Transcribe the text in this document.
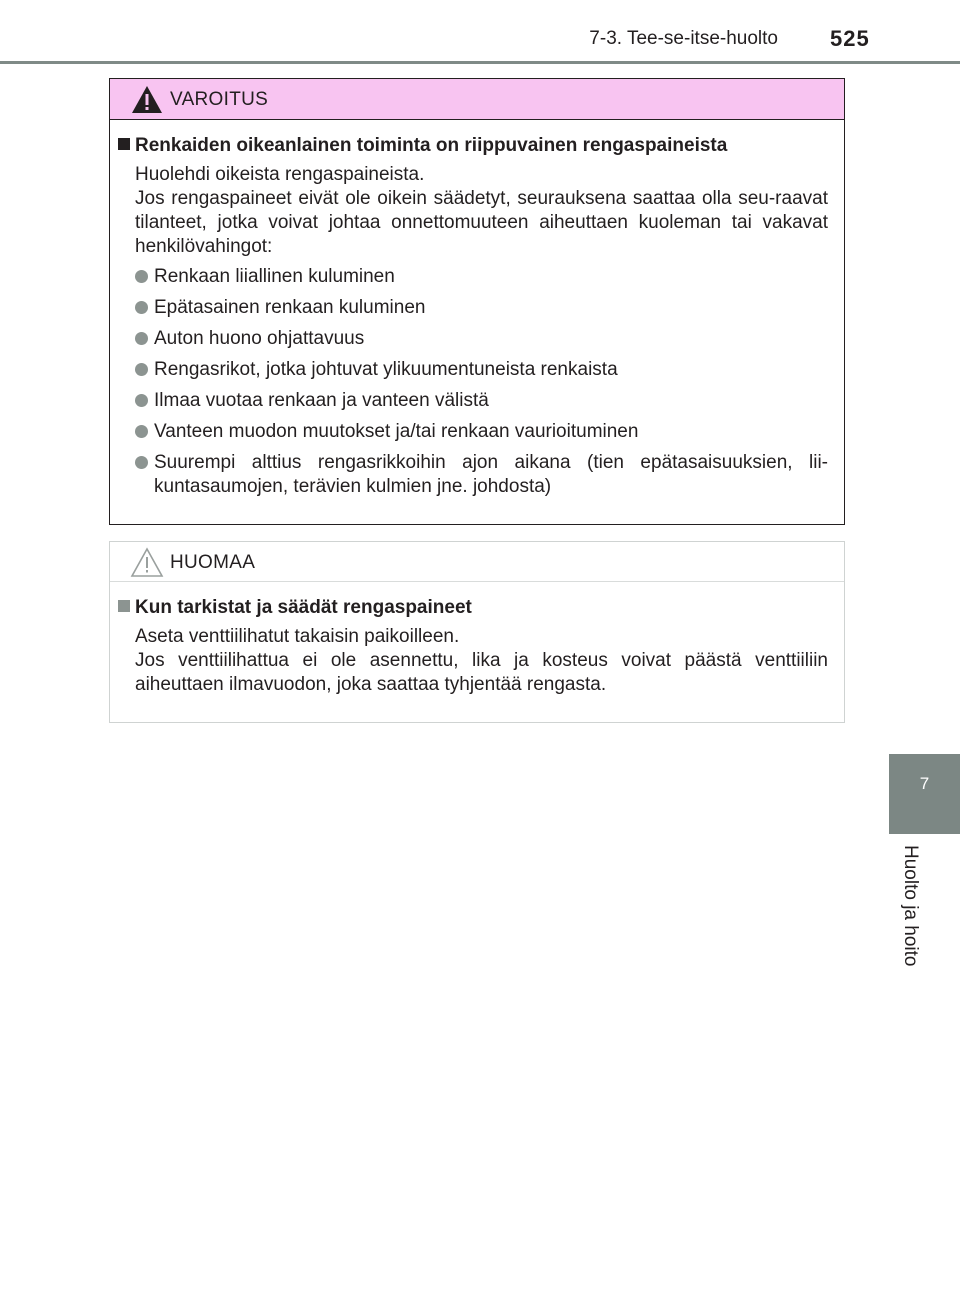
7-3. Tee-se-itse-huolto 525
7
Huolto ja hoito
VAROITUS
Renkaiden oikeanlainen toiminta on riippuvainen rengaspaineista
Huolehdi oikeista rengaspaineista.
Jos rengaspaineet eivät ole oikein säädetyt, seurauksena saattaa olla seu-raavat tilanteet, jotka voivat johtaa onnettomuuteen aiheuttaen kuoleman tai vakavat henkilövahingot:
Renkaan liiallinen kuluminen
Epätasainen renkaan kuluminen
Auton huono ohjattavuus
Rengasrikot, jotka johtuvat ylikuumentuneista renkaista
Ilmaa vuotaa renkaan ja vanteen välistä
Vanteen muodon muutokset ja/tai renkaan vaurioituminen
Suurempi alttius rengasrikkoihin ajon aikana (tien epätasaisuuksien, lii-kuntasaumojen, terävien kulmien jne. johdosta)
HUOMAA
Kun tarkistat ja säädät rengaspaineet
Aseta venttiilihatut takaisin paikoilleen.
Jos venttiilihattua ei ole asennettu, lika ja kosteus voivat päästä venttiiliin aiheuttaen ilmavuodon, joka saattaa tyhjentää rengasta.
